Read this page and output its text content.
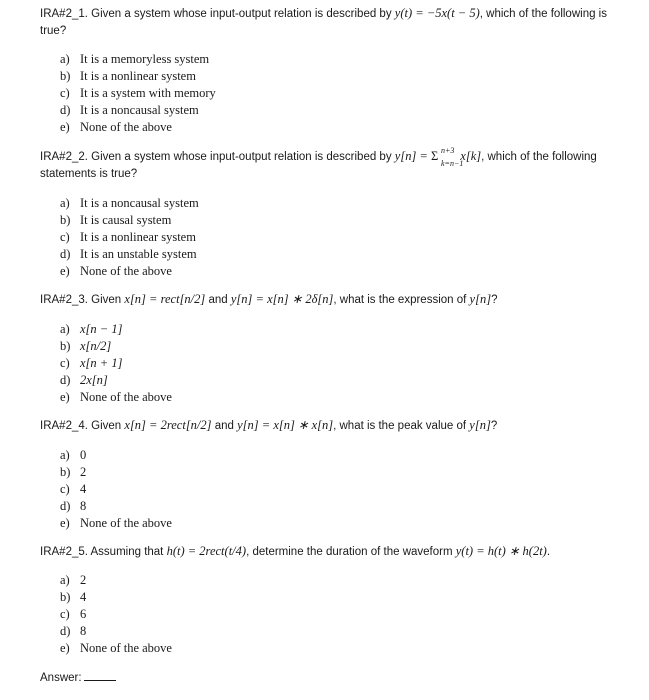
IRA#2_1. Given a system whose input-output relation is described by y(t) = −5x(t − 5), which of the following is true?
a) It is a memoryless system
b) It is a nonlinear system
c) It is a system with memory
d) It is a noncausal system
e) None of the above
IRA#2_2. Given a system whose input-output relation is described by y[n] = Σ n+3
k=n−1
x[k], which of the following statements is true?
a) It is a noncausal system
b) It is causal system
c) It is a nonlinear system
d) It is an unstable system
e) None of the above
IRA#2_3. Given x[n] = rect[n/2] and y[n] = x[n] ∗ 2δ[n], what is the expression of y[n]?
a) x[n − 1]
b) x[n/2]
c) x[n + 1]
d) 2x[n]
e) None of the above
IRA#2_4. Given x[n] = 2rect[n/2] and y[n] = x[n] ∗ x[n], what is the peak value of y[n]?
a) 0
b) 2
c) 4
d) 8
e) None of the above
IRA#2_5. Assuming that h(t) = 2rect(t/4), determine the duration of the waveform y(t) = h(t) ∗ h(2t).
a) 2
b) 4
c) 6
d) 8
e) None of the above
Answer:
